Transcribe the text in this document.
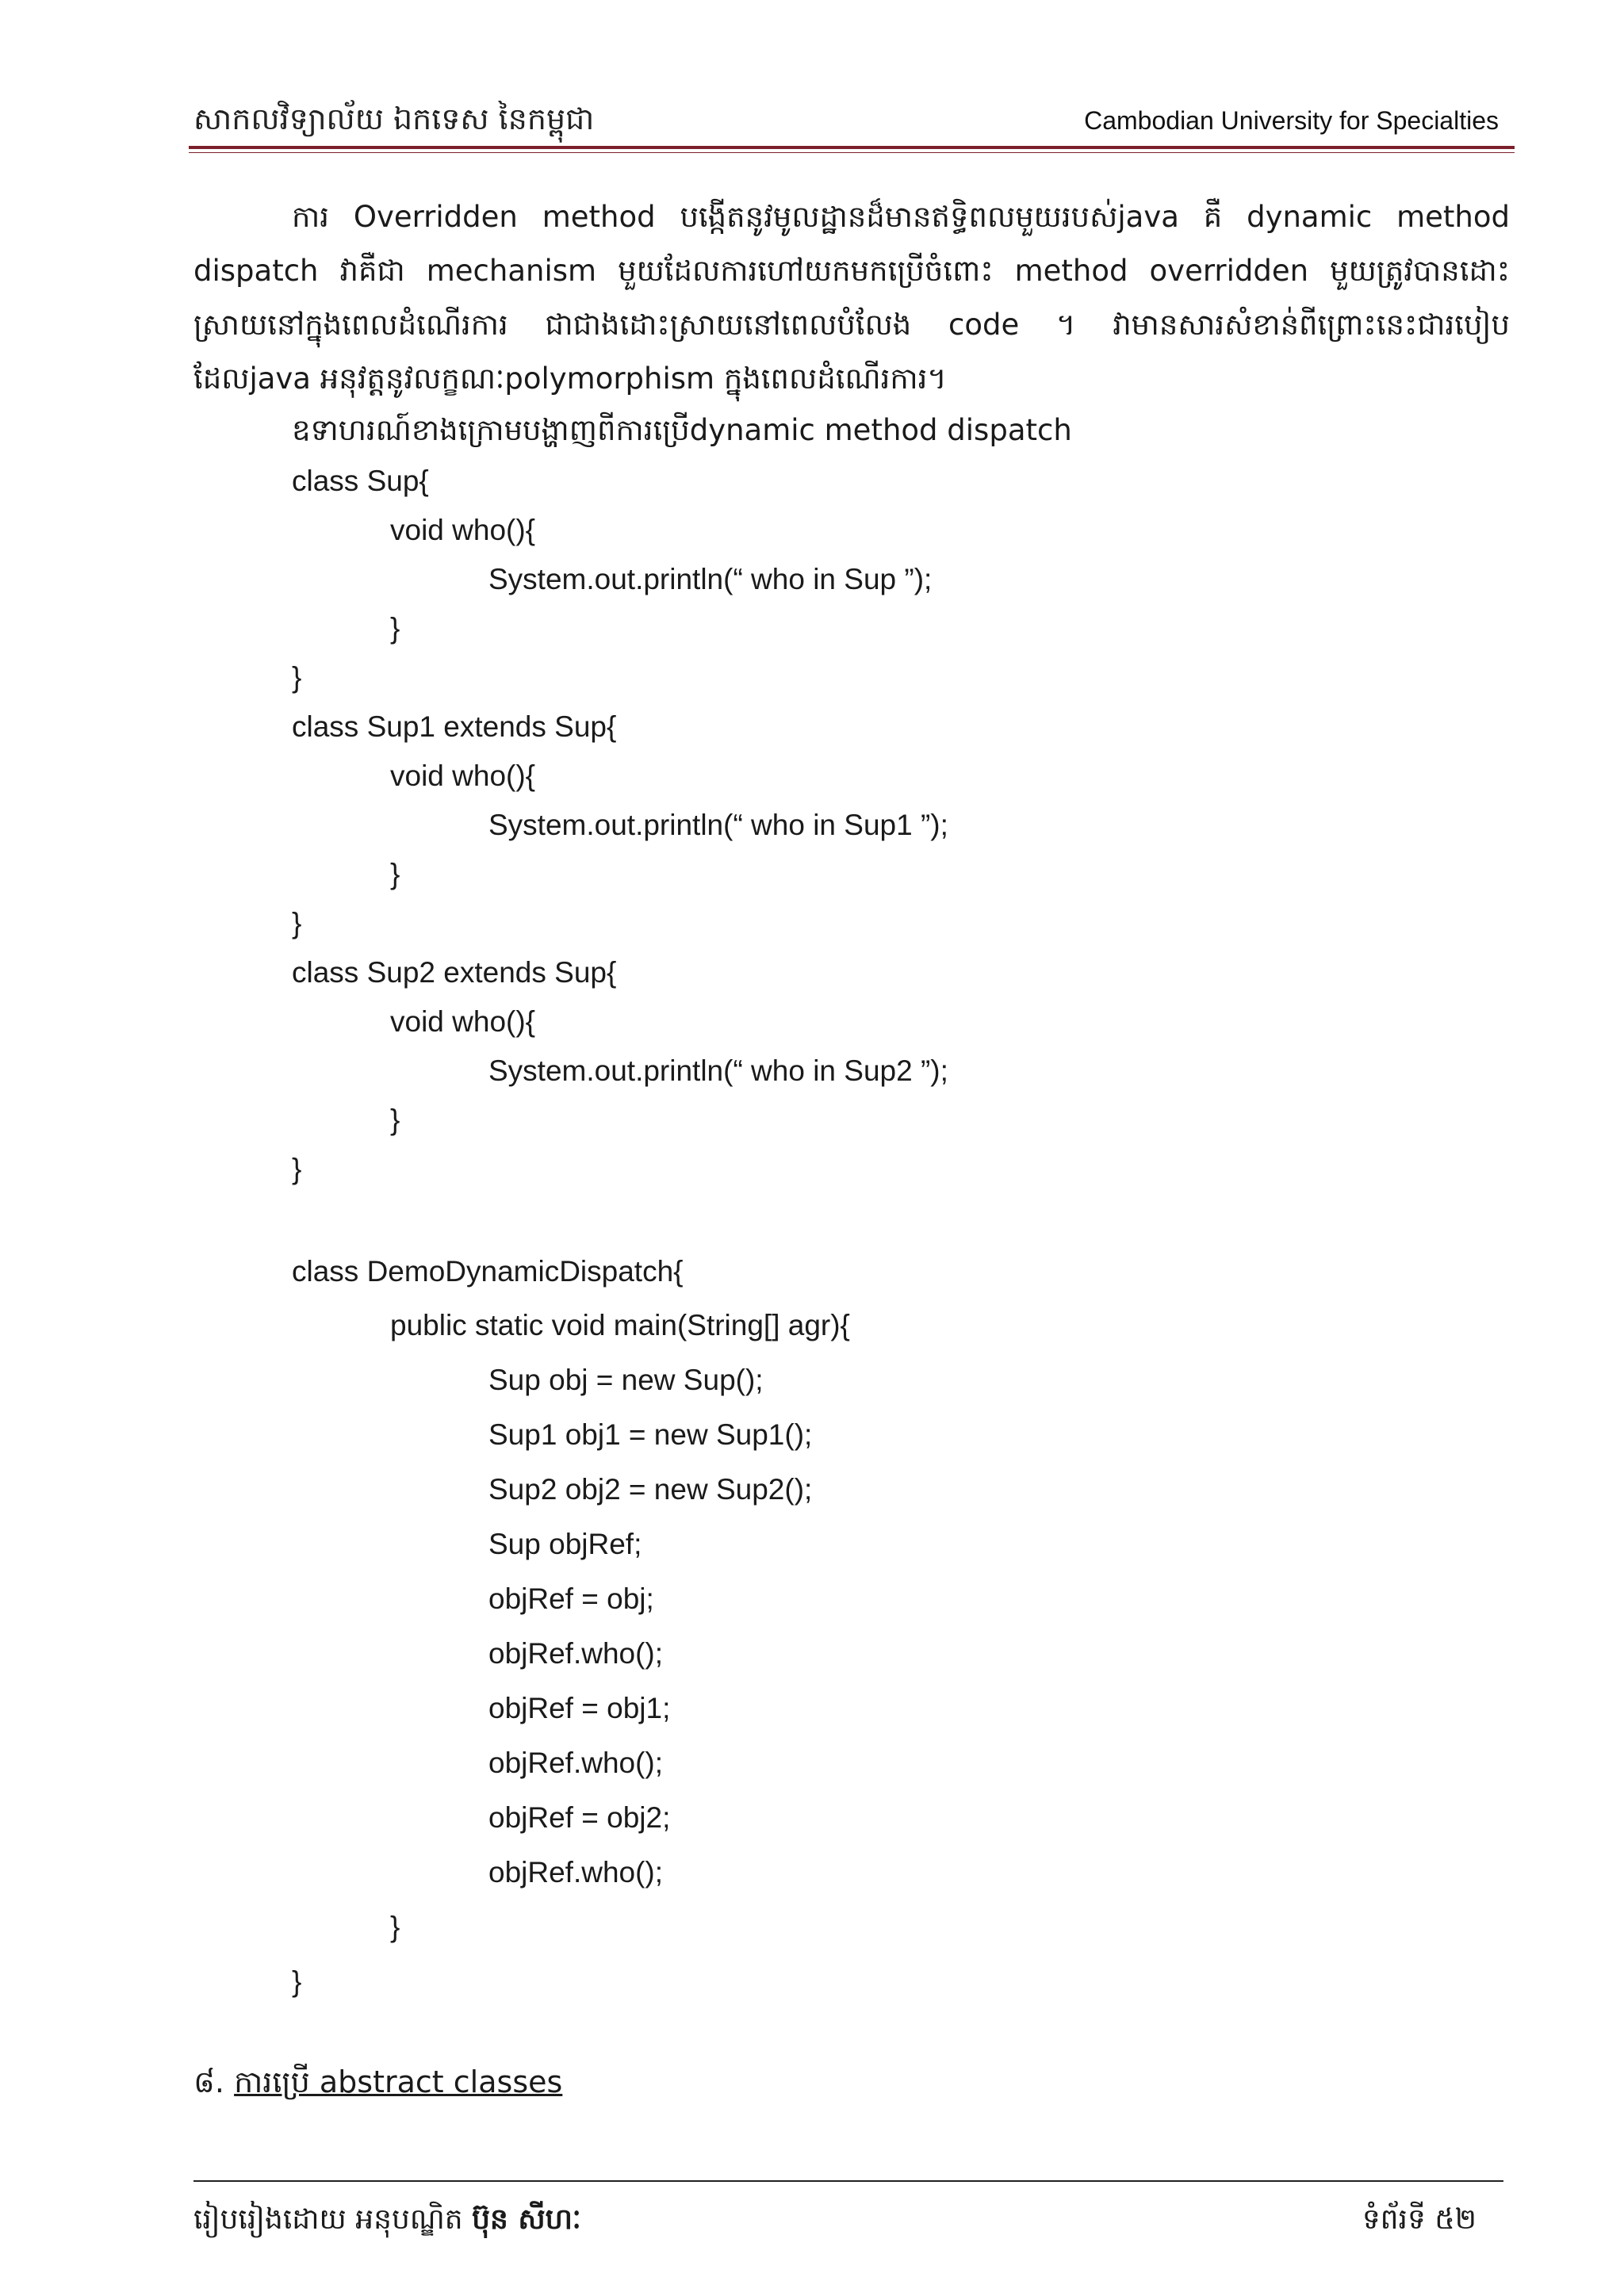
សាកលវិទ្យាល័យ ឯកទេស នៃកម្ពុជា	Cambodian University for Specialties
ការ Overridden method បង្កើតនូវមូលដ្ឋានដ៏មានឥទ្ធិពលមួយរបស់java គឺ dynamic method dispatch វាគឺជា mechanism មួយដែលការហៅយកមកប្រើចំពោះ method overridden មួយត្រូវបានដោះស្រាយនៅក្នុងពេលដំណើរការ ជាជាងដោះស្រាយនៅពេលបំលែង code ។ វាមានសារសំខាន់ពីព្រោះនេះជារបៀបដែលjava អនុវត្តនូវលក្ខណៈpolymorphism ក្នុងពេលដំណើរការ។
ឧទាហរណ៍ខាងក្រោមបង្ហាញពីការប្រើdynamic method dispatch
class Sup{
void who(){
System.out.println(“ who in Sup ”);
}
}
class Sup1 extends Sup{
void who(){
System.out.println(“ who in Sup1 ”);
}
}
class Sup2 extends Sup{
void who(){
System.out.println(“ who in Sup2 ”);
}
}
class DemoDynamicDispatch{
public static void main(String[] agr){
Sup obj = new Sup();
Sup1 obj1 = new Sup1();
Sup2 obj2 = new Sup2();
Sup objRef;
objRef = obj;
objRef.who();
objRef = obj1;
objRef.who();
objRef = obj2;
objRef.who();
}
}
៨. ការប្រើ abstract classes
រៀបរៀងដោយ អនុបណ្ឌិត ប៊ុន សីហៈ	ទំព័រទី ៥២
